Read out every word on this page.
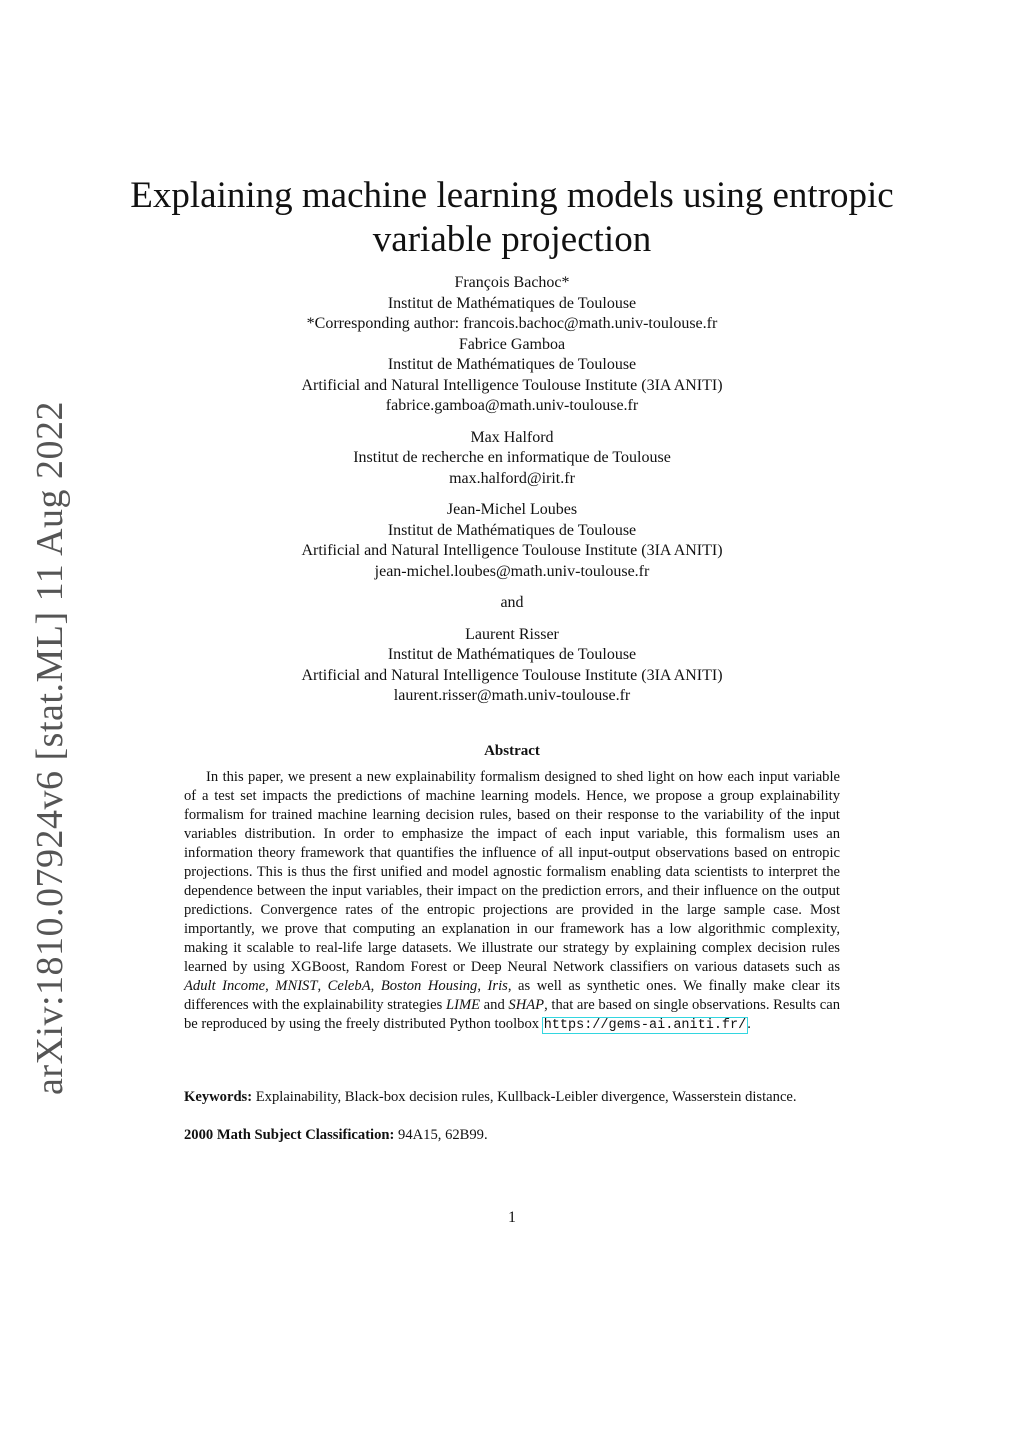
arXiv:1810.07924v6 [stat.ML] 11 Aug 2022
Explaining machine learning models using entropic
variable projection
François Bachoc*
Institut de Mathématiques de Toulouse
*Corresponding author: francois.bachoc@math.univ-toulouse.fr
Fabrice Gamboa
Institut de Mathématiques de Toulouse
Artificial and Natural Intelligence Toulouse Institute (3IA ANITI)
fabrice.gamboa@math.univ-toulouse.fr
Max Halford
Institut de recherche en informatique de Toulouse
max.halford@irit.fr
Jean-Michel Loubes
Institut de Mathématiques de Toulouse
Artificial and Natural Intelligence Toulouse Institute (3IA ANITI)
jean-michel.loubes@math.univ-toulouse.fr
and
Laurent Risser
Institut de Mathématiques de Toulouse
Artificial and Natural Intelligence Toulouse Institute (3IA ANITI)
laurent.risser@math.univ-toulouse.fr
Abstract

In this paper, we present a new explainability formalism designed to shed light on how each input variable of a test set impacts the predictions of machine learning models. Hence, we propose a group explainability formalism for trained machine learning decision rules, based on their response to the variability of the input variables distribution. In order to emphasize the impact of each input variable, this formalism uses an information theory framework that quantifies the influence of all input-output observations based on entropic projections. This is thus the first unified and model agnostic formalism enabling data scientists to interpret the dependence between the input variables, their impact on the prediction errors, and their influence on the output predictions. Convergence rates of the entropic projections are provided in the large sample case. Most importantly, we prove that computing an explanation in our framework has a low algorithmic complexity, making it scalable to real-life large datasets. We illustrate our strategy by explaining complex decision rules learned by using XGBoost, Random Forest or Deep Neural Network classifiers on various datasets such as Adult Income, MNIST, CelebA, Boston Housing, Iris, as well as synthetic ones. We finally make clear its differences with the explainability strategies LIME and SHAP, that are based on single observations. Results can be reproduced by using the freely distributed Python toolbox https://gems-ai.aniti.fr/.

Keywords: Explainability, Black-box decision rules, Kullback-Leibler divergence, Wasserstein distance.

2000 Math Subject Classification: 94A15, 62B99.

1
